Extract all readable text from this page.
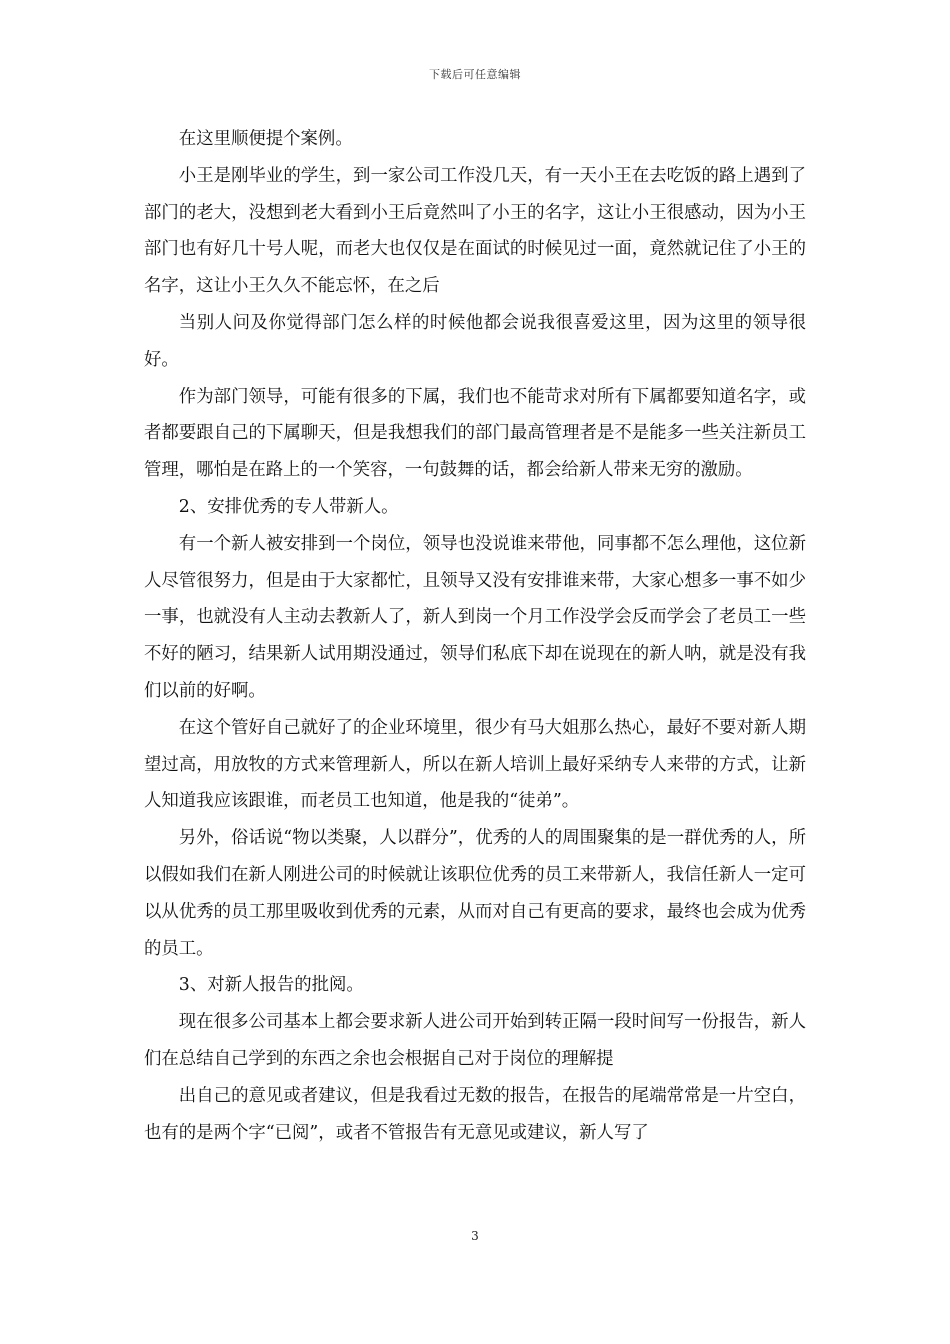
下载后可任意编辑

在这里顺便提个案例。

小王是刚毕业的学生，到一家公司工作没几天，有一天小王在去吃饭的路上遇到了部门的老大，没想到老大看到小王后竟然叫了小王的名字，这让小王很感动，因为小王部门也有好几十号人呢，而老大也仅仅是在面试的时候见过一面，竟然就记住了小王的名字，这让小王久久不能忘怀，在之后

当别人问及你觉得部门怎么样的时候他都会说我很喜爱这里，因为这里的领导很好。

作为部门领导，可能有很多的下属，我们也不能苛求对所有下属都要知道名字，或者都要跟自己的下属聊天，但是我想我们的部门最高管理者是不是能多一些关注新员工管理，哪怕是在路上的一个笑容，一句鼓舞的话，都会给新人带来无穷的激励。

2、安排优秀的专人带新人。

有一个新人被安排到一个岗位，领导也没说谁来带他，同事都不怎么理他，这位新人尽管很努力，但是由于大家都忙，且领导又没有安排谁来带，大家心想多一事不如少一事，也就没有人主动去教新人了，新人到岗一个月工作没学会反而学会了老员工一些不好的陋习，结果新人试用期没通过，领导们私底下却在说现在的新人呐，就是没有我们以前的好啊。

在这个管好自己就好了的企业环境里，很少有马大姐那么热心，最好不要对新人期望过高，用放牧的方式来管理新人，所以在新人培训上最好采纳专人来带的方式，让新人知道我应该跟谁，而老员工也知道，他是我的“徒弟”。

另外，俗话说“物以类聚，人以群分”，优秀的人的周围聚集的是一群优秀的人，所以假如我们在新人刚进公司的时候就让该职位优秀的员工来带新人，我信任新人一定可以从优秀的员工那里吸收到优秀的元素，从而对自己有更高的要求，最终也会成为优秀的员工。

3、对新人报告的批阅。

现在很多公司基本上都会要求新人进公司开始到转正隔一段时间写一份报告，新人们在总结自己学到的东西之余也会根据自己对于岗位的理解提

出自己的意见或者建议，但是我看过无数的报告，在报告的尾端常常是一片空白，也有的是两个字“已阅”，或者不管报告有无意见或建议，新人写了

3
